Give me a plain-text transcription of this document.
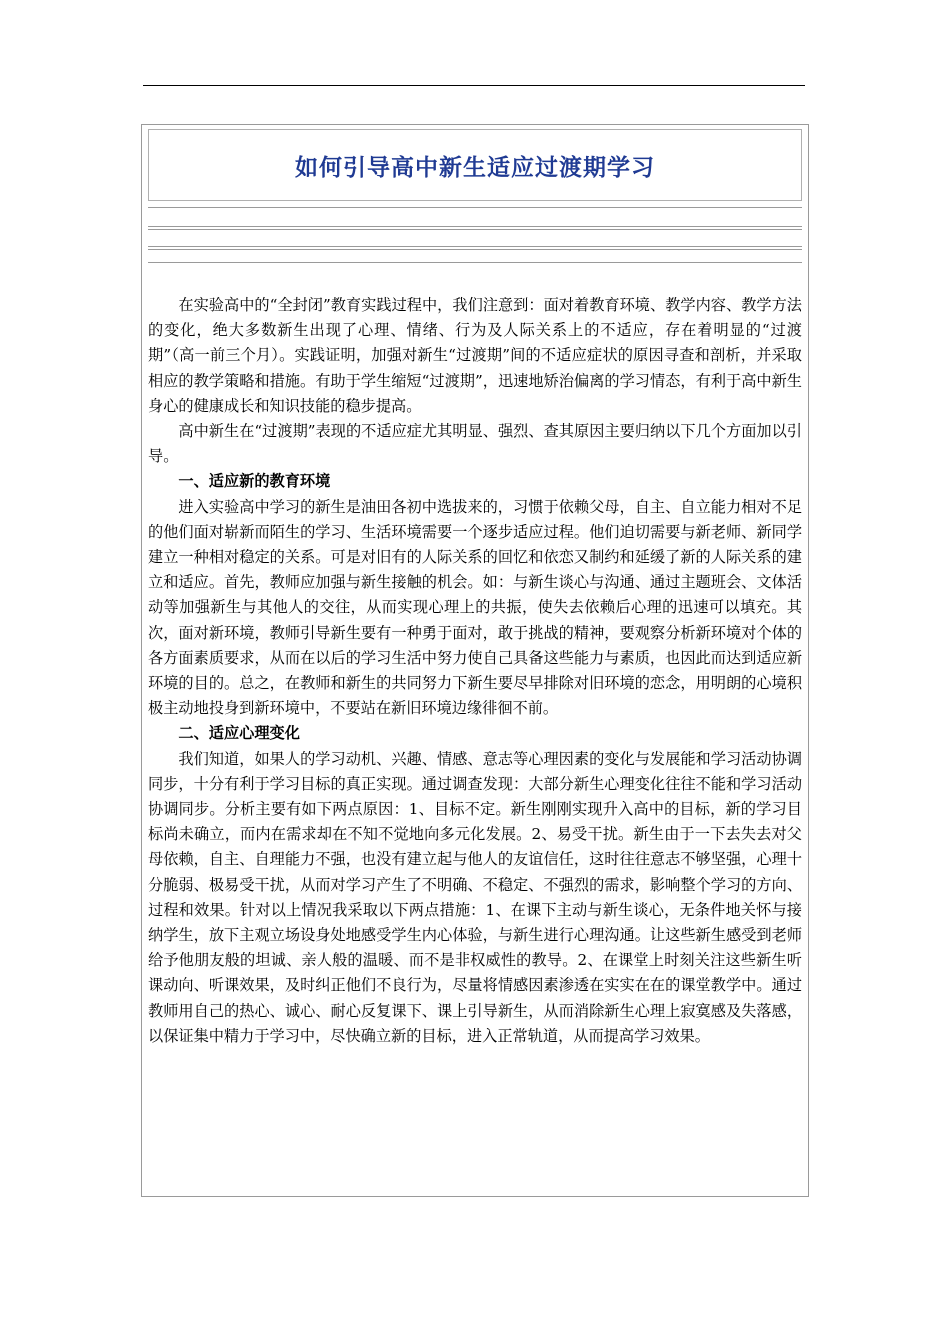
如何引导高中新生适应过渡期学习

在实验高中的“全封闭”教育实践过程中，我们注意到：面对着教育环境、教学内容、教学方法的变化，绝大多数新生出现了心理、情绪、行为及人际关系上的不适应，存在着明显的“过渡期”（高一前三个月）。实践证明，加强对新生“过渡期”间的不适应症状的原因寻查和剖析，并采取相应的教学策略和措施。有助于学生缩短“过渡期”，迅速地矫治偏离的学习情态，有利于高中新生身心的健康成长和知识技能的稳步提高。

高中新生在“过渡期”表现的不适应症尤其明显、强烈、查其原因主要归纳以下几个方面加以引导。

一、适应新的教育环境

进入实验高中学习的新生是油田各初中选拔来的，习惯于依赖父母，自主、自立能力相对不足的他们面对崭新而陌生的学习、生活环境需要一个逐步适应过程。他们迫切需要与新老师、新同学建立一种相对稳定的关系。可是对旧有的人际关系的回忆和依恋又制约和延缓了新的人际关系的建立和适应。首先，教师应加强与新生接触的机会。如：与新生谈心与沟通、通过主题班会、文体活动等加强新生与其他人的交往，从而实现心理上的共振，使失去依赖后心理的迅速可以填充。其次，面对新环境，教师引导新生要有一种勇于面对，敢于挑战的精神，要观察分析新环境对个体的各方面素质要求，从而在以后的学习生活中努力使自己具备这些能力与素质，也因此而达到适应新环境的目的。总之，在教师和新生的共同努力下新生要尽早排除对旧环境的恋念，用明朗的心境积极主动地投身到新环境中，不要站在新旧环境边缘徘徊不前。

二、适应心理变化

我们知道，如果人的学习动机、兴趣、情感、意志等心理因素的变化与发展能和学习活动协调同步，十分有利于学习目标的真正实现。通过调查发现：大部分新生心理变化往往不能和学习活动协调同步。分析主要有如下两点原因：1、目标不定。新生刚刚实现升入高中的目标，新的学习目标尚未确立，而内在需求却在不知不觉地向多元化发展。2、易受干扰。新生由于一下去失去对父母依赖，自主、自理能力不强，也没有建立起与他人的友谊信任，这时往往意志不够坚强，心理十分脆弱、极易受干扰，从而对学习产生了不明确、不稳定、不强烈的需求，影响整个学习的方向、过程和效果。针对以上情况我采取以下两点措施：1、在课下主动与新生谈心，无条件地关怀与接纳学生，放下主观立场设身处地感受学生内心体验，与新生进行心理沟通。让这些新生感受到老师给予他朋友般的坦诚、亲人般的温暖、而不是非权威性的教导。2、在课堂上时刻关注这些新生听课动向、听课效果，及时纠正他们不良行为，尽量将情感因素渗透在实实在在的课堂教学中。通过教师用自己的热心、诚心、耐心反复课下、课上引导新生，从而消除新生心理上寂寞感及失落感，以保证集中精力于学习中，尽快确立新的目标，进入正常轨道，从而提高学习效果。
